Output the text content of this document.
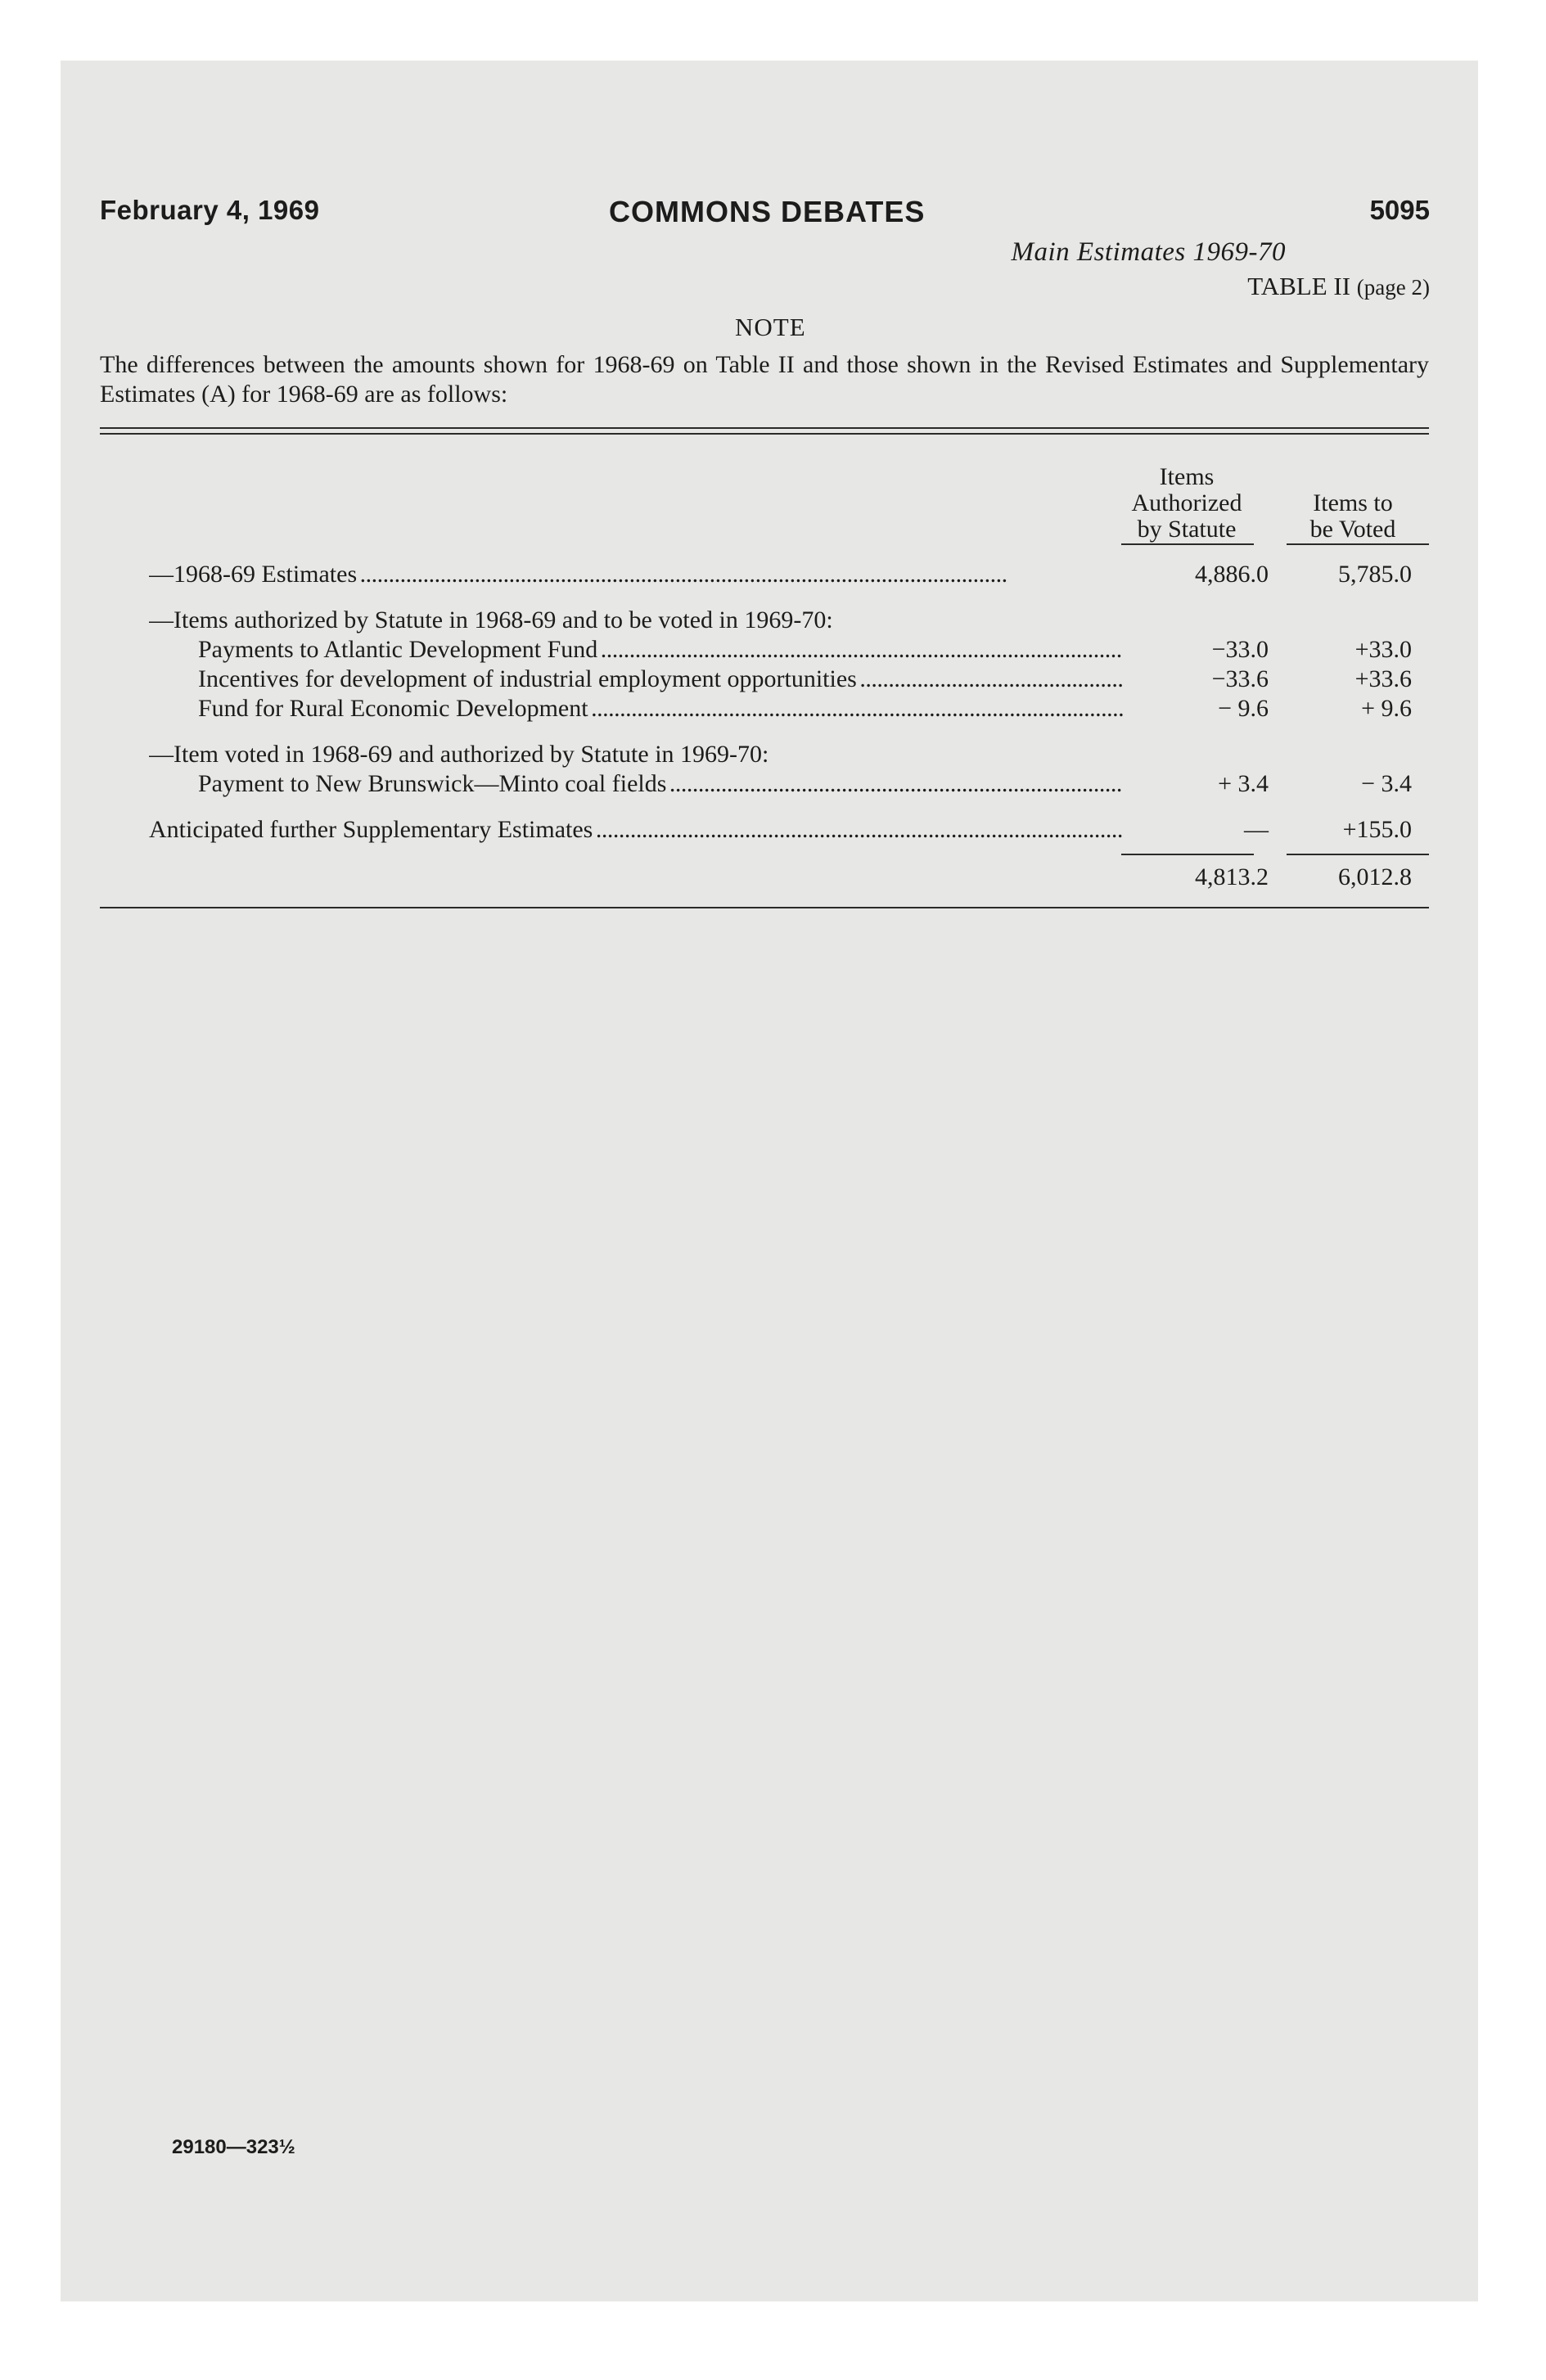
February 4, 1969	COMMONS DEBATES	5095
Main Estimates 1969-70
TABLE II (page 2)
NOTE
The differences between the amounts shown for 1968-69 on Table II and those shown in the Revised Estimates and Supplementary Estimates (A) for 1968-69 are as follows:
Items
Authorized
by Statute
Items to
be Voted
—1968-69 Estimates . . .	4,886.0	5,785.0
—Items authorized by Statute in 1968-69 and to be voted in 1969-70:
Payments to Atlantic Development Fund . . .	−33.0	+33.0
Incentives for development of industrial employment opportunities . . .	−33.6	+33.6
Fund for Rural Economic Development . . .	− 9.6	+ 9.6
—Item voted in 1968-69 and authorized by Statute in 1969-70:
Payment to New Brunswick—Minto coal fields . . .	+ 3.4	− 3.4
Anticipated further Supplementary Estimates . . .	—	+155.0
4,813.2	6,012.8
29180—323½
